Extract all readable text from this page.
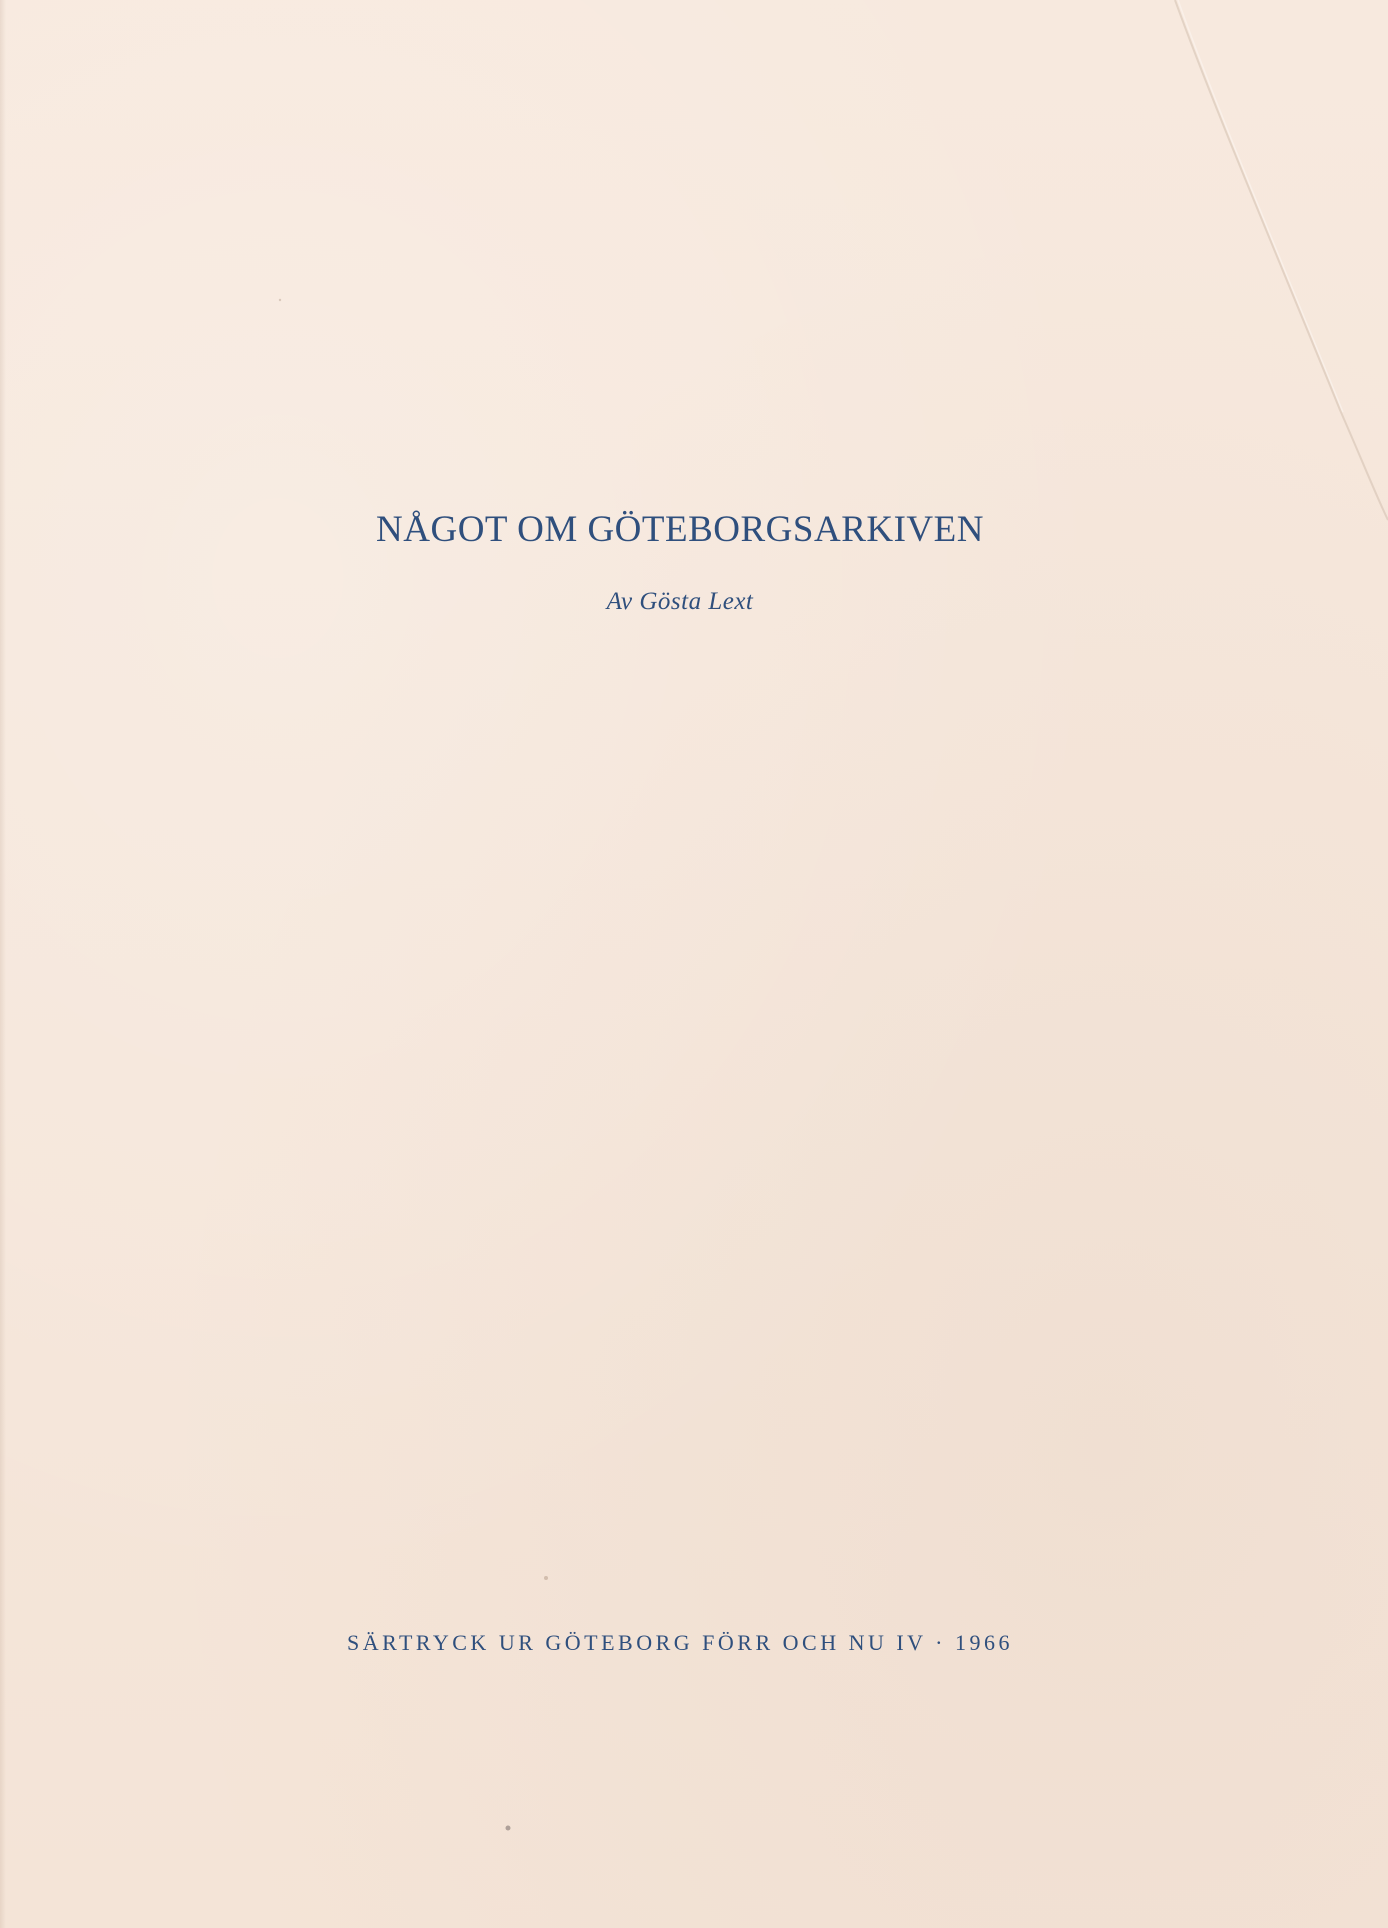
NÅGOT OM GÖTEBORGSARKIVEN

Av Gösta Lext

SÄRTRYCK UR GÖTEBORG FÖRR OCH NU IV · 1966
